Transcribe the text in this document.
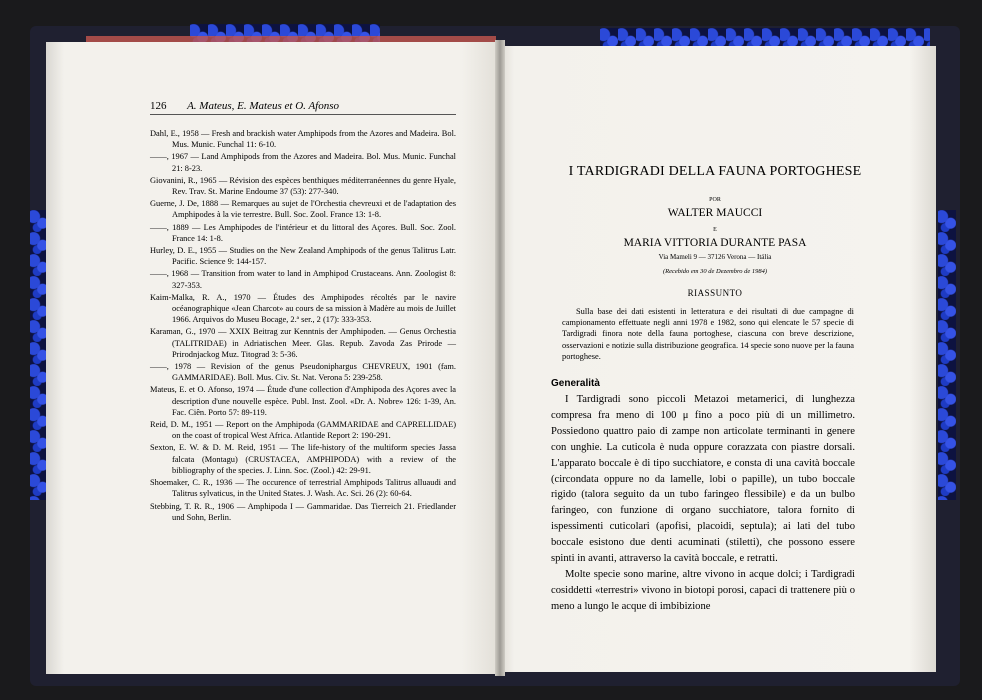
126 A. Mateus, E. Mateus et O. Afonso

Dahl, E., 1958 — Fresh and brackish water Amphipods from the Azores and Madeira. Bol. Mus. Munic. Funchal 11: 6-10.

——, 1967 — Land Amphipods from the Azores and Madeira. Bol. Mus. Munic. Funchal 21: 8-23.

Giovanini, R., 1965 — Révision des espèces benthiques méditerranéennes du genre Hyale, Rev. Trav. St. Marine Endoume 37 (53): 277-340.

Guerne, J. De, 1888 — Remarques au sujet de l'Orchestia chevreuxi et de l'adaptation des Amphipodes à la vie terrestre. Bull. Soc. Zool. France 13: 1-8.

——, 1889 — Les Amphipodes de l'intérieur et du littoral des Açores. Bull. Soc. Zool. France 14: 1-8.

Hurley, D. E., 1955 — Studies on the New Zealand Amphipods of the genus Talitrus Latr. Pacific. Science 9: 144-157.

——, 1968 — Transition from water to land in Amphipod Crustaceans. Ann. Zoologist 8: 327-353.

Kaim-Malka, R. A., 1970 — Études des Amphipodes récoltés par le navire océanographique «Jean Charcot» au cours de sa mission à Madère au mois de Juillet 1966. Arquivos do Museu Bocage, 2.ª ser., 2 (17): 333-353.

Karaman, G., 1970 — XXIX Beitrag zur Kenntnis der Amphipoden. — Genus Orchestia (TALITRIDAE) in Adriatischen Meer. Glas. Repub. Zavoda Zas Prirode — Prirodnjackog Muz. Titograd 3: 5-36.

——, 1978 — Revision of the genus Pseudoniphargus CHEVREUX, 1901 (fam. GAMMARIDAE). Boll. Mus. Civ. St. Nat. Verona 5: 239-258.

Mateus, E. et O. Afonso, 1974 — Étude d'une collection d'Amphipoda des Açores avec la description d'une nouvelle espèce. Publ. Inst. Zool. «Dr. A. Nobre» 126: 1-39, An. Fac. Ciên. Porto 57: 89-119.

Reid, D. M., 1951 — Report on the Amphipoda (GAMMARIDAE and CAPRELLIDAE) on the coast of tropical West Africa. Atlantide Report 2: 190-291.

Sexton, E. W. & D. M. Reid, 1951 — The life-history of the multiform species Jassa falcata (Montagu) (CRUSTACEA, AMPHIPODA) with a review of the bibliography of the species. J. Linn. Soc. (Zool.) 42: 29-91.

Shoemaker, C. R., 1936 — The occurence of terrestrial Amphipods Talitrus alluaudi and Talitrus sylvaticus, in the United States. J. Wash. Ac. Sci. 26 (2): 60-64.

Stebbing, T. R. R., 1906 — Amphipoda I — Gammaridae. Das Tierreich 21. Friedlander und Sohn, Berlin.

I TARDIGRADI DELLA FAUNA PORTOGHESE
POR
WALTER MAUCCI
E
MARIA VITTORIA DURANTE PASA
Via Mameli 9 — 37126 Verona — Itália
(Recebido em 30 de Dezembro de 1984)
RIASSUNTO
Sulla base dei dati esistenti in letteratura e dei risultati di due campagne di campionamento effettuate negli anni 1978 e 1982, sono qui elencate le 57 specie di Tardigradi finora note della fauna portoghese, ciascuna con breve descrizione, osservazioni e notizie sulla distribuzione geografica. 14 specie sono nuove per la fauna portoghese.
Generalità

I Tardigradi sono piccoli Metazoi metamerici, di lunghezza compresa fra meno di 100 μ fino a poco più di un millimetro. Possiedono quattro paio di zampe non articolate terminanti in genere con unghie. La cuticola è nuda oppure corazzata con piastre dorsali. L'apparato boccale è di tipo succhiatore, e consta di una cavità boccale (circondata oppure no da lamelle, lobi o papille), un tubo boccale rigido (talora seguito da un tubo faringeo flessibile) e da un bulbo faringeo, con funzione di organo succhiatore, talora fornito di ispessimenti cuticolari (apofisi, placoidi, septula); ai lati del tubo boccale esistono due denti acuminati (stiletti), che possono essere spinti in avanti, attraverso la cavità boccale, e retratti.

Molte specie sono marine, altre vivono in acque dolci; i Tardigradi cosiddetti «terrestri» vivono in biotopi porosi, capaci di trattenere più o meno a lungo le acque di imbibizione
